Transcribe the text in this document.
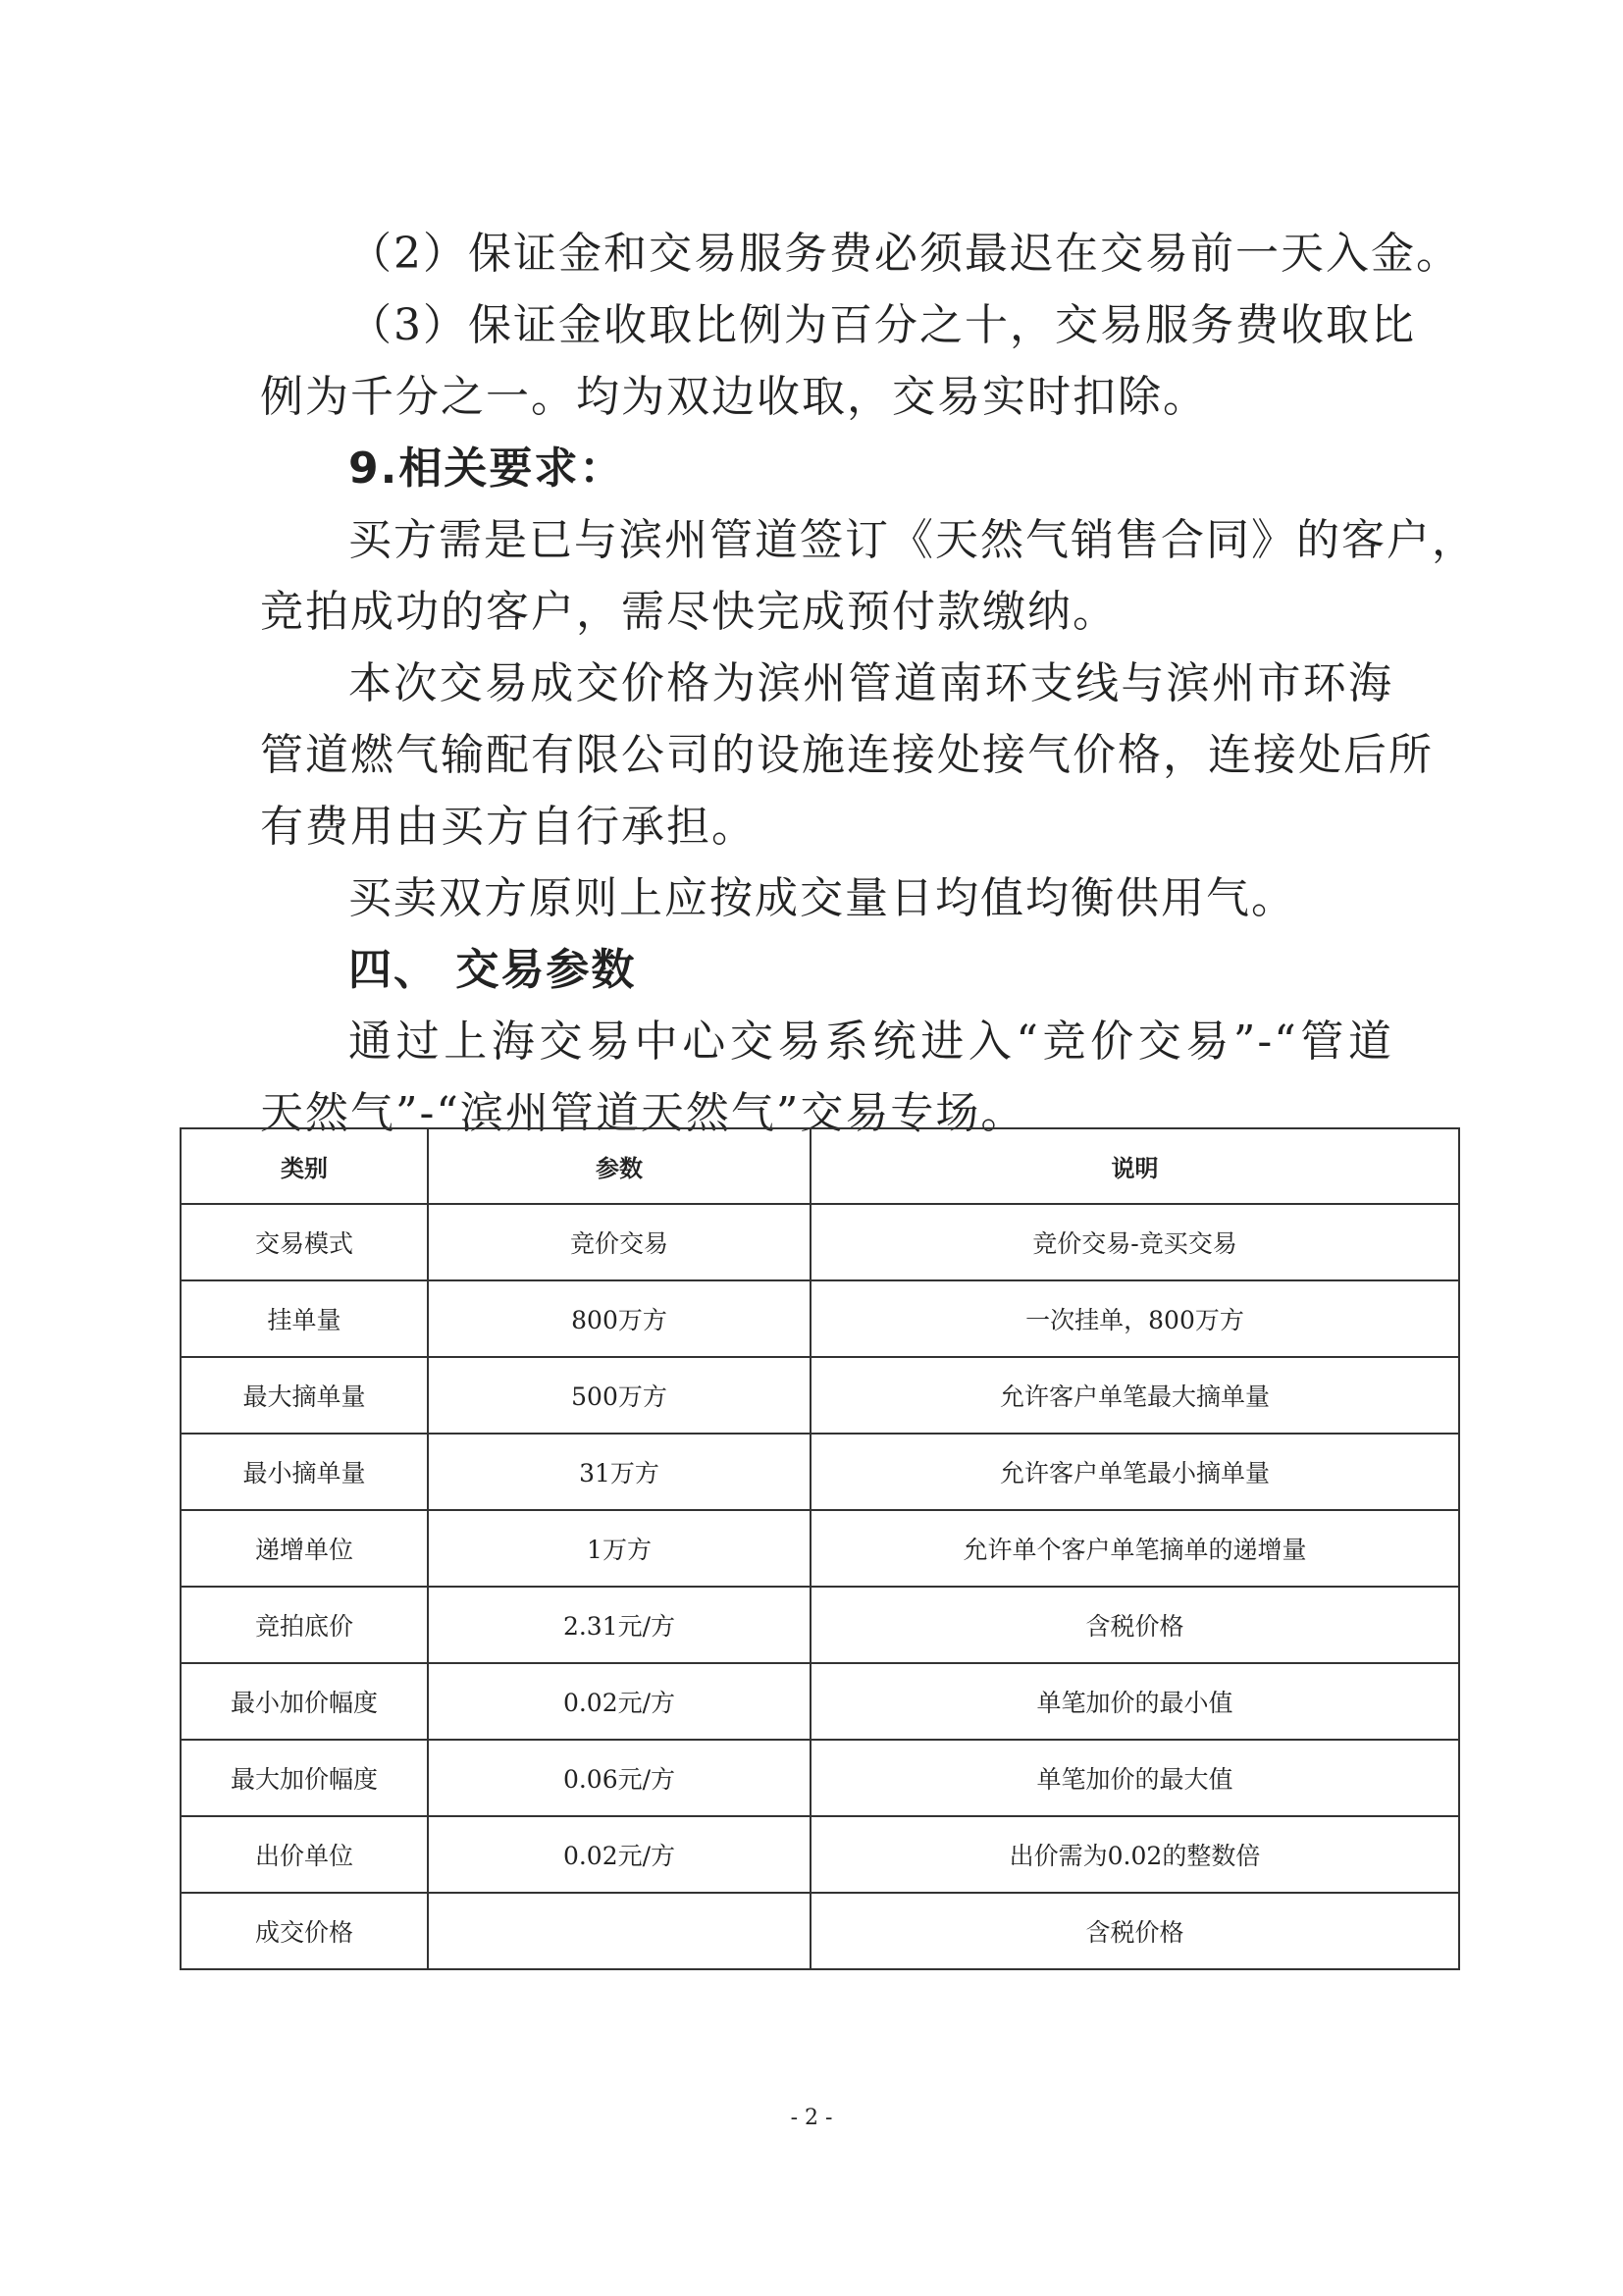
（2）保证金和交易服务费必须最迟在交易前一天入金。
（3）保证金收取比例为百分之十，交易服务费收取比
例为千分之一。均为双边收取，交易实时扣除。
9.相关要求：
买方需是已与滨州管道签订《天然气销售合同》的客户，
竞拍成功的客户，需尽快完成预付款缴纳。
本次交易成交价格为滨州管道南环支线与滨州市环海
管道燃气输配有限公司的设施连接处接气价格，连接处后所
有费用由买方自行承担。
买卖双方原则上应按成交量日均值均衡供用气。
四、 交易参数
通过上海交易中心交易系统进入“竞价交易”-“管道
天然气”-“滨州管道天然气”交易专场。
类别	参数	说明
交易模式	竞价交易	竞价交易-竞买交易
挂单量	800万方	一次挂单，800万方
最大摘单量	500万方	允许客户单笔最大摘单量
最小摘单量	31万方	允许客户单笔最小摘单量
递增单位	1万方	允许单个客户单笔摘单的递增量
竞拍底价	2.31元/方	含税价格
最小加价幅度	0.02元/方	单笔加价的最小值
最大加价幅度	0.06元/方	单笔加价的最大值
出价单位	0.02元/方	出价需为0.02的整数倍
成交价格		含税价格
- 2 -
